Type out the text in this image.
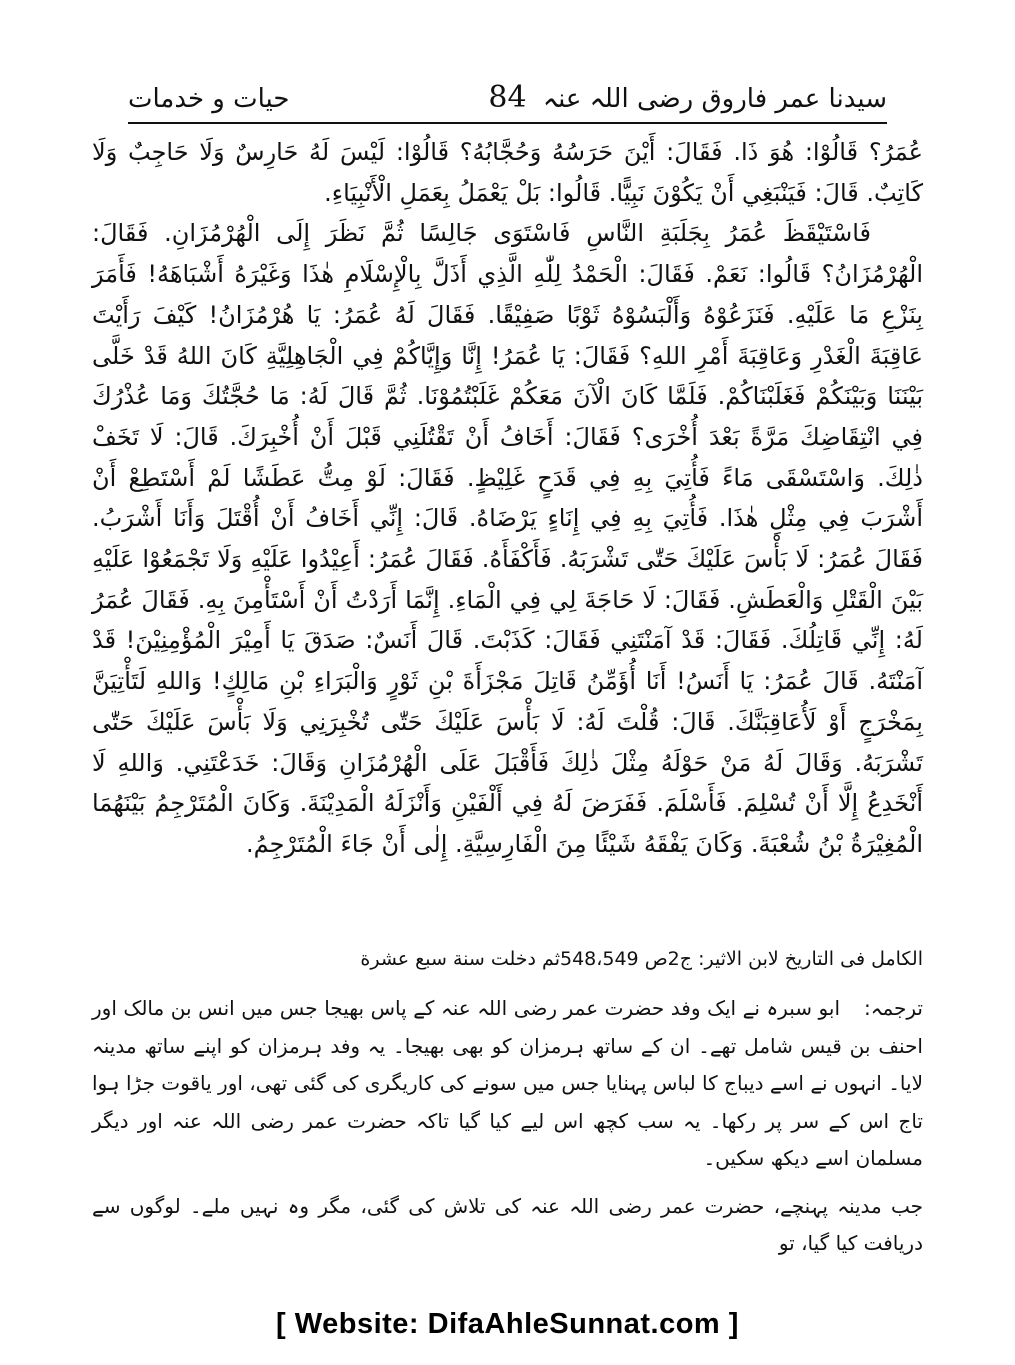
سیدنا عمر فاروق رضی اللہ عنہ
84
حیات و خدمات

عُمَرُ؟ قَالُوْا: هُوَ ذَا. فَقَالَ: أَيْنَ حَرَسُهُ وَحُجَّابُهُ؟ قَالُوْا: لَيْسَ لَهُ حَارِسٌ وَلَا حَاجِبٌ وَلَا كَاتِبٌ. قَالَ: فَيَنْبَغِي أَنْ يَكُوْنَ نَبِيًّا. قَالُوا: بَلْ يَعْمَلُ بِعَمَلِ الْأَنْبِيَاءِ.

فَاسْتَيْقَظَ عُمَرُ بِجَلَبَةِ النَّاسِ فَاسْتَوَى جَالِسًا ثُمَّ نَظَرَ إِلَى الْهُرْمُزَانِ. فَقَالَ: الْهُرْمُزَانُ؟ قَالُوا: نَعَمْ. فَقَالَ: الْحَمْدُ لِلّٰهِ الَّذِي أَذَلَّ بِالْإِسْلَامِ هٰذَا وَغَيْرَهُ أَشْبَاهَهُ! فَأَمَرَ بِنَزْعِ مَا عَلَيْهِ. فَنَزَعُوْهُ وَأَلْبَسُوْهُ ثَوْبًا صَفِيْقًا. فَقَالَ لَهُ عُمَرُ: يَا هُرْمُزَانُ! كَيْفَ رَأَيْتَ عَاقِبَةَ الْغَدْرِ وَعَاقِبَةَ أَمْرِ اللهِ؟ فَقَالَ: يَا عُمَرُ! إِنَّا وَإِيَّاكُمْ فِي الْجَاهِلِيَّةِ كَانَ اللهُ قَدْ خَلَّى بَيْنَنَا وَبَيْنَكُمْ فَغَلَبْنَاكُمْ. فَلَمَّا كَانَ الْآنَ مَعَكُمْ غَلَبْتُمُوْنَا. ثُمَّ قَالَ لَهُ: مَا حُجَّتُكَ وَمَا عُذْرُكَ فِي انْتِقَاضِكَ مَرَّةً بَعْدَ أُخْرَى؟ فَقَالَ: أَخَافُ أَنْ تَقْتُلَنِي قَبْلَ أَنْ أُخْبِرَكَ. قَالَ: لَا تَخَفْ ذٰلِكَ. وَاسْتَسْقَى مَاءً فَأُتِيَ بِهِ فِي قَدَحٍ غَلِيْظٍ. فَقَالَ: لَوْ مِتُّ عَطَشًا لَمْ أَسْتَطِعْ أَنْ أَشْرَبَ فِي مِثْلِ هٰذَا. فَأُتِيَ بِهِ فِي إِنَاءٍ يَرْضَاهُ. قَالَ: إِنِّي أَخَافُ أَنْ أُقْتَلَ وَأَنَا أَشْرَبُ. فَقَالَ عُمَرُ: لَا بَأْسَ عَلَيْكَ حَتّٰى تَشْرَبَهُ. فَأَكْفَأَهُ. فَقَالَ عُمَرُ: أَعِيْدُوا عَلَيْهِ وَلَا تَجْمَعُوْا عَلَيْهِ بَيْنَ الْقَتْلِ وَالْعَطَشِ. فَقَالَ: لَا حَاجَةَ لِي فِي الْمَاءِ. إِنَّمَا أَرَدْتُ أَنْ أَسْتَأْمِنَ بِهِ. فَقَالَ عُمَرُ لَهُ: إِنِّي قَاتِلُكَ. فَقَالَ: قَدْ آمَنْتَنِي فَقَالَ: كَذَبْتَ. قَالَ أَنَسٌ: صَدَقَ يَا أَمِيْرَ الْمُؤْمِنِيْنَ! قَدْ آمَنْتَهُ. قَالَ عُمَرُ: يَا أَنَسُ! أَنَا أُؤَمِّنُ قَاتِلَ مَجْزَأَةَ بْنِ ثَوْرٍ وَالْبَرَاءِ بْنِ مَالِكٍ! وَاللهِ لَتَأْتِيَنَّ بِمَخْرَجٍ أَوْ لَأُعَاقِبَنَّكَ. قَالَ: قُلْتَ لَهُ: لَا بَأْسَ عَلَيْكَ حَتّٰى تُخْبِرَنِي وَلَا بَأْسَ عَلَيْكَ حَتّٰى تَشْرَبَهُ. وَقَالَ لَهُ مَنْ حَوْلَهُ مِثْلَ ذٰلِكَ فَأَقْبَلَ عَلَى الْهُرْمُزَانِ وَقَالَ: خَدَعْتَنِي. وَاللهِ لَا أَنْخَدِعُ إِلَّا أَنْ تُسْلِمَ. فَأَسْلَمَ. فَفَرَضَ لَهُ فِي أَلْفَيْنِ وَأَنْزَلَهُ الْمَدِيْنَةَ. وَكَانَ الْمُتَرْجِمُ بَيْنَهُمَا الْمُغِيْرَةُ بْنُ شُعْبَةَ. وَكَانَ يَفْقَهُ شَيْئًا مِنَ الْفَارِسِيَّةِ. إِلٰى أَنْ جَاءَ الْمُتَرْجِمُ.

الکامل فی التاریخ لابن الاثیر: ج2ص 548،549ثم دخلت سنة سبع عشرة

ترجمہ:ابو سبرہ نے ایک وفد حضرت عمر رضی اللہ عنہ کے پاس بھیجا جس میں انس بن مالک اور احنف بن قیس شامل تھے۔ ان کے ساتھ ہرمزان کو بھی بھیجا۔ یہ وفد ہرمزان کو اپنے ساتھ مدینہ لایا۔ انہوں نے اسے دیباج کا لباس پہنایا جس میں سونے کی کاریگری کی گئی تھی، اور یاقوت جڑا ہوا تاج اس کے سر پر رکھا۔ یہ سب کچھ اس لیے کیا گیا تاکہ حضرت عمر رضی اللہ عنہ اور دیگر مسلمان اسے دیکھ سکیں۔

جب مدینہ پہنچے، حضرت عمر رضی اللہ عنہ کی تلاش کی گئی، مگر وہ نہیں ملے۔ لوگوں سے دریافت کیا گیا، تو

[ Website: DifaAhleSunnat.com ]
